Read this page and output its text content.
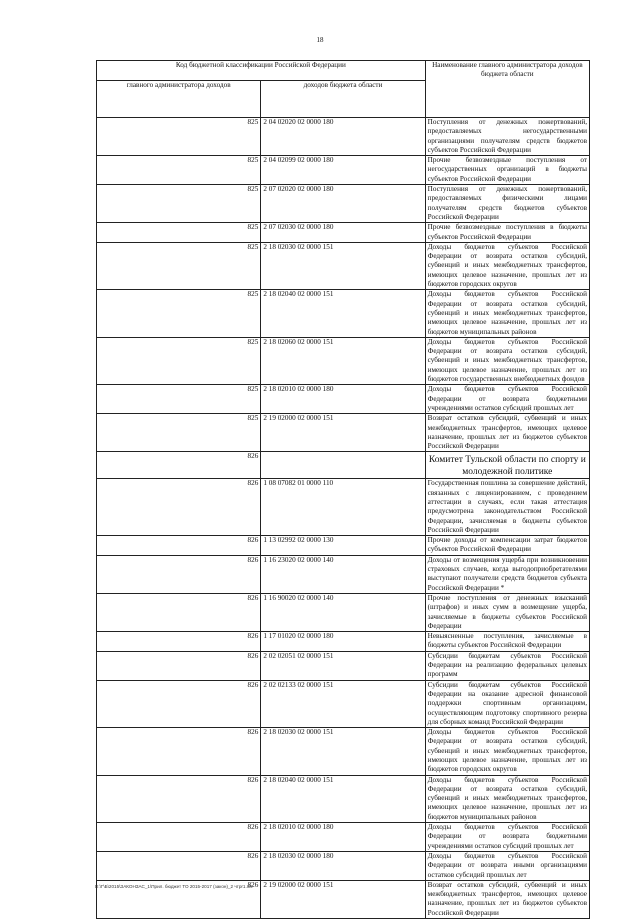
18
Код бюджетной классификации Российской Федерации		Наименование главного администратора доходов бюджета области
главного администратора доходов	доходов бюджета области	
825	2 04 02020 02 0000 180	Поступления от денежных пожертвований, предоставляемых негосударственными организациями получателям средств бюджетов субъектов Российской Федерации
825	2 04 02099 02 0000 180	Прочие безвозмездные поступления от негосударственных организаций в бюджеты субъектов Российской Федерации
825	2 07 02020 02 0000 180	Поступления от денежных пожертвований, предоставляемых физическими лицами получателям средств бюджетов субъектов Российской Федерации
825	2 07 02030 02 0000 180	Прочие безвозмездные поступления в бюджеты субъектов Российской Федерации
825	2 18 02030 02 0000 151	Доходы бюджетов субъектов Российской Федерации от возврата остатков субсидий, субвенций и иных межбюджетных трансфертов, имеющих целевое назначение, прошлых лет из бюджетов городских округов
825	2 18 02040 02 0000 151	Доходы бюджетов субъектов Российской Федерации от возврата остатков субсидий, субвенций и иных межбюджетных трансфертов, имеющих целевое назначение, прошлых лет из бюджетов муниципальных районов
825	2 18 02060 02 0000 151	Доходы бюджетов субъектов Российской Федерации от возврата остатков субсидий, субвенций и иных межбюджетных трансфертов, имеющих целевое назначение, прошлых лет из бюджетов государственных внебюджетных фондов
825	2 18 02010 02 0000 180	Доходы бюджетов субъектов Российской Федерации от возврата бюджетными учреждениями остатков субсидий прошлых лет
825	2 19 02000 02 0000 151	Возврат остатков субсидий, субвенций и иных межбюджетных трансфертов, имеющих целевое назначение, прошлых лет из бюджетов субъектов Российской Федерации
826		Комитет Тульской области по спорту и молодежной политике
826	1 08 07082 01 0000 110	Государственная пошлина за совершение действий, связанных с лицензированием, с проведением аттестации в случаях, если такая аттестация предусмотрена законодательством Российской Федерации, зачисляемая в бюджеты субъектов Российской Федерации
826	1 13 02992 02 0000 130	Прочие доходы от компенсации затрат бюджетов субъектов Российской Федерации
826	1 16 23020 02 0000 140	Доходы от возмещения ущерба при возникновении страховых случаев, когда выгодоприобретателями выступают получатели средств бюджетов субъекта Российской Федерации *
826	1 16 90020 02 0000 140	Прочие поступления от денежных взысканий (штрафов) и иных сумм в возмещение ущерба, зачисляемые в бюджеты субъектов Российской Федерации
826	1 17 01020 02 0000 180	Невыясненные поступления, зачисляемые в бюджеты субъектов Российской Федерации
826	2 02 02051 02 0000 151	Субсидии бюджетам субъектов Российской Федерации на реализацию федеральных целевых программ
826	2 02 02133 02 0000 151	Субсидии бюджетам субъектов Российской Федерации на оказание адресной финансовой поддержки спортивным организациям, осуществляющим подготовку спортивного резерва для сборных команд Российской Федерации
826	2 18 02030 02 0000 151	Доходы бюджетов субъектов Российской Федерации от возврата остатков субсидий, субвенций и иных межбюджетных трансфертов, имеющих целевое назначение, прошлых лет из бюджетов городских округов
826	2 18 02040 02 0000 151	Доходы бюджетов субъектов Российской Федерации от возврата остатков субсидий, субвенций и иных межбюджетных трансфертов, имеющих целевое назначение, прошлых лет из бюджетов муниципальных районов
826	2 18 02010 02 0000 180	Доходы бюджетов субъектов Российской Федерации от возврата бюджетными учреждениями остатков субсидий прошлых лет
826	2 18 02030 02 0000 180	Доходы бюджетов субъектов Российской Федерации от возврата иными организациями остатков субсидий прошлых лет
826	2 19 02000 02 0000 151	Возврат остатков субсидий, субвенций и иных межбюджетных трансфертов, имеющих целевое назначение, прошлых лет из бюджетов субъектов Российской Федерации
D:\Г\Б\2015\ЗАКОНЗАС_1\Прил. бюджет ТО 2015-2017 (закон)_2 чтpr1.xls
